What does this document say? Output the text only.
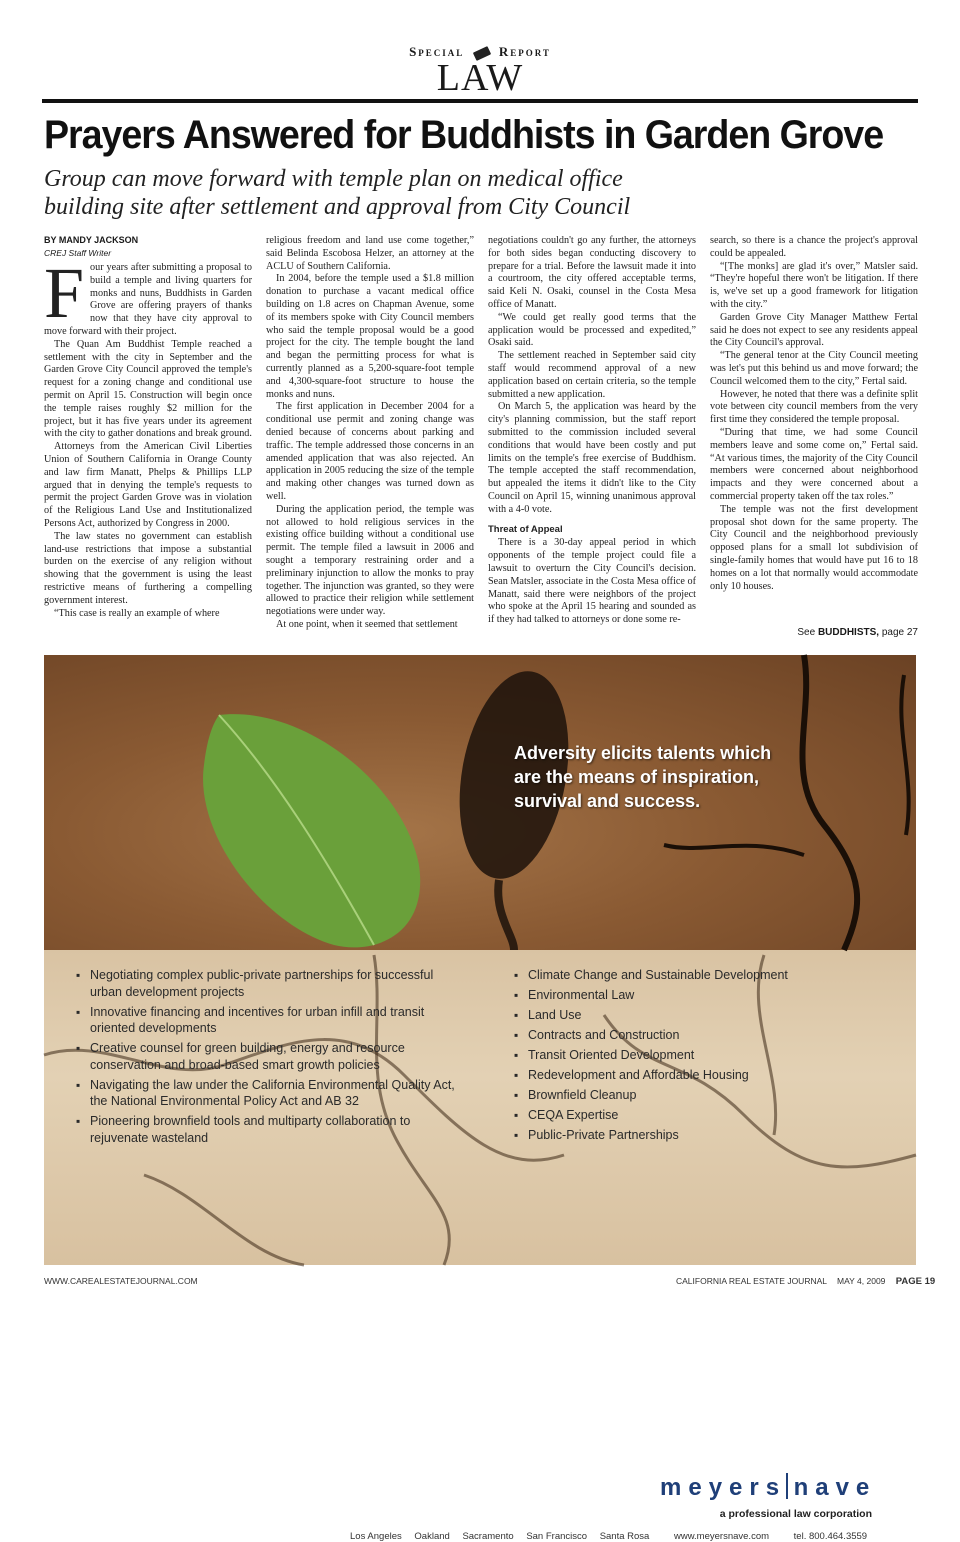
Special	Report
LAW
Prayers Answered for Buddhists in Garden Grove
Group can move forward with temple plan on medical office
building site after settlement and approval from City Council
BY MANDY JACKSON
CREJ Staff Writer
F our years after submitting a proposal to build a temple and living quarters for monks and nuns, Buddhists in Garden Grove are offering prayers of thanks now that they have city approval to move forward with their project.

The Quan Am Buddhist Temple reached a settlement with the city in September and the Garden Grove City Council approved the temple's request for a zoning change and conditional use permit on April 15. Construction will begin once the temple raises roughly $2 million for the project, but it has five years under its agreement with the city to gather donations and break ground.

Attorneys from the American Civil Liberties Union of Southern California in Orange County and law firm Manatt, Phelps & Phillips LLP argued that in denying the temple's requests to permit the project Garden Grove was in violation of the Religious Land Use and Institutionalized Persons Act, authorized by Congress in 2000.

The law states no government can establish land-use restrictions that impose a substantial burden on the exercise of any religion without showing that the government is using the least restrictive means of furthering a compelling government interest.

“This case is really an example of where

religious freedom and land use come together,” said Belinda Escobosa Helzer, an attorney at the ACLU of Southern California.

In 2004, before the temple used a $1.8 million donation to purchase a vacant medical office building on 1.8 acres on Chapman Avenue, some of its members spoke with City Council members who said the temple proposal would be a good project for the city. The temple bought the land and began the permitting process for what is currently planned as a 5,200-square-foot temple and 4,300-square-foot structure to house the monks and nuns.

The first application in December 2004 for a conditional use permit and zoning change was denied because of concerns about parking and traffic. The temple addressed those concerns in an amended application that was also rejected. An application in 2005 reducing the size of the temple and making other changes was turned down as well.

During the application period, the temple was not allowed to hold religious services in the existing office building without a conditional use permit. The temple filed a lawsuit in 2006 and sought a temporary restraining order and a preliminary injunction to allow the monks to pray together. The injunction was granted, so they were allowed to practice their religion while settlement negotiations were under way.

At one point, when it seemed that settlement

negotiations couldn't go any further, the attorneys for both sides began conducting discovery to prepare for a trial. Before the lawsuit made it into a courtroom, the city offered acceptable terms, said Keli N. Osaki, counsel in the Costa Mesa office of Manatt.

“We could get really good terms that the application would be processed and expedited,” Osaki said.

The settlement reached in September said city staff would recommend approval of a new application based on certain criteria, so the temple submitted a new application.

On March 5, the application was heard by the city's planning commission, but the staff report submitted to the commission included several conditions that would have been costly and put limits on the temple's free exercise of Buddhism. The temple accepted the staff recommendation, but appealed the items it didn't like to the City Council on April 15, winning unanimous approval with a 4-0 vote.

Threat of Appeal

There is a 30-day appeal period in which opponents of the temple project could file a lawsuit to overturn the City Council's decision. Sean Matsler, associate in the Costa Mesa office of Manatt, said there were neighbors of the project who spoke at the April 15 hearing and sounded as if they had talked to attorneys or done some re-

search, so there is a chance the project's approval could be appealed.

“[The monks] are glad it's over,” Matsler said. “They're hopeful there won't be litigation. If there is, we've set up a good framework for litigation with the city.”

Garden Grove City Manager Matthew Fertal said he does not expect to see any residents appeal the City Council's approval.

“The general tenor at the City Council meeting was let's put this behind us and move forward; the Council welcomed them to the city,” Fertal said.

However, he noted that there was a definite split vote between city council members from the very first time they considered the temple proposal.

“During that time, we had some Council members leave and some come on,” Fertal said. “At various times, the majority of the City Council members were concerned about neighborhood impacts and they were concerned about a commercial property taken off the tax roles.”

The temple was not the first development proposal shot down for the same property. The City Council and the neighborhood previously opposed plans for a small lot subdivision of single-family homes that would have put 16 to 18 homes on a lot that normally would accommodate only 10 houses.

See BUDDHISTS, page 27
Adversity elicits talents which
are the means of inspiration,
survival and success.
▪ Negotiating complex public-private partnerships for successful urban development projects
▪ Innovative financing and incentives for urban infill and transit oriented developments
▪ Creative counsel for green building, energy and resource conservation and broad-based smart growth policies
▪ Navigating the law under the California Environmental Quality Act, the National Environmental Policy Act and AB 32
▪ Pioneering brownfield tools and multiparty collaboration to rejuvenate wasteland
▪ Climate Change and Sustainable Development
▪ Environmental Law
▪ Land Use
▪ Contracts and Construction
▪ Transit Oriented Development
▪ Redevelopment and Affordable Housing
▪ Brownfield Cleanup
▪ CEQA Expertise
▪ Public-Private Partnerships
meyers nave
a professional law corporation
Los Angeles Oakland Sacramento San Francisco Santa Rosa	www.meyersnave.com	tel. 800.464.3559
WWW.CAREALESTATEJOURNAL.COM	CALIFORNIA REAL ESTATE JOURNAL MAY 4, 2009 PAGE 19
